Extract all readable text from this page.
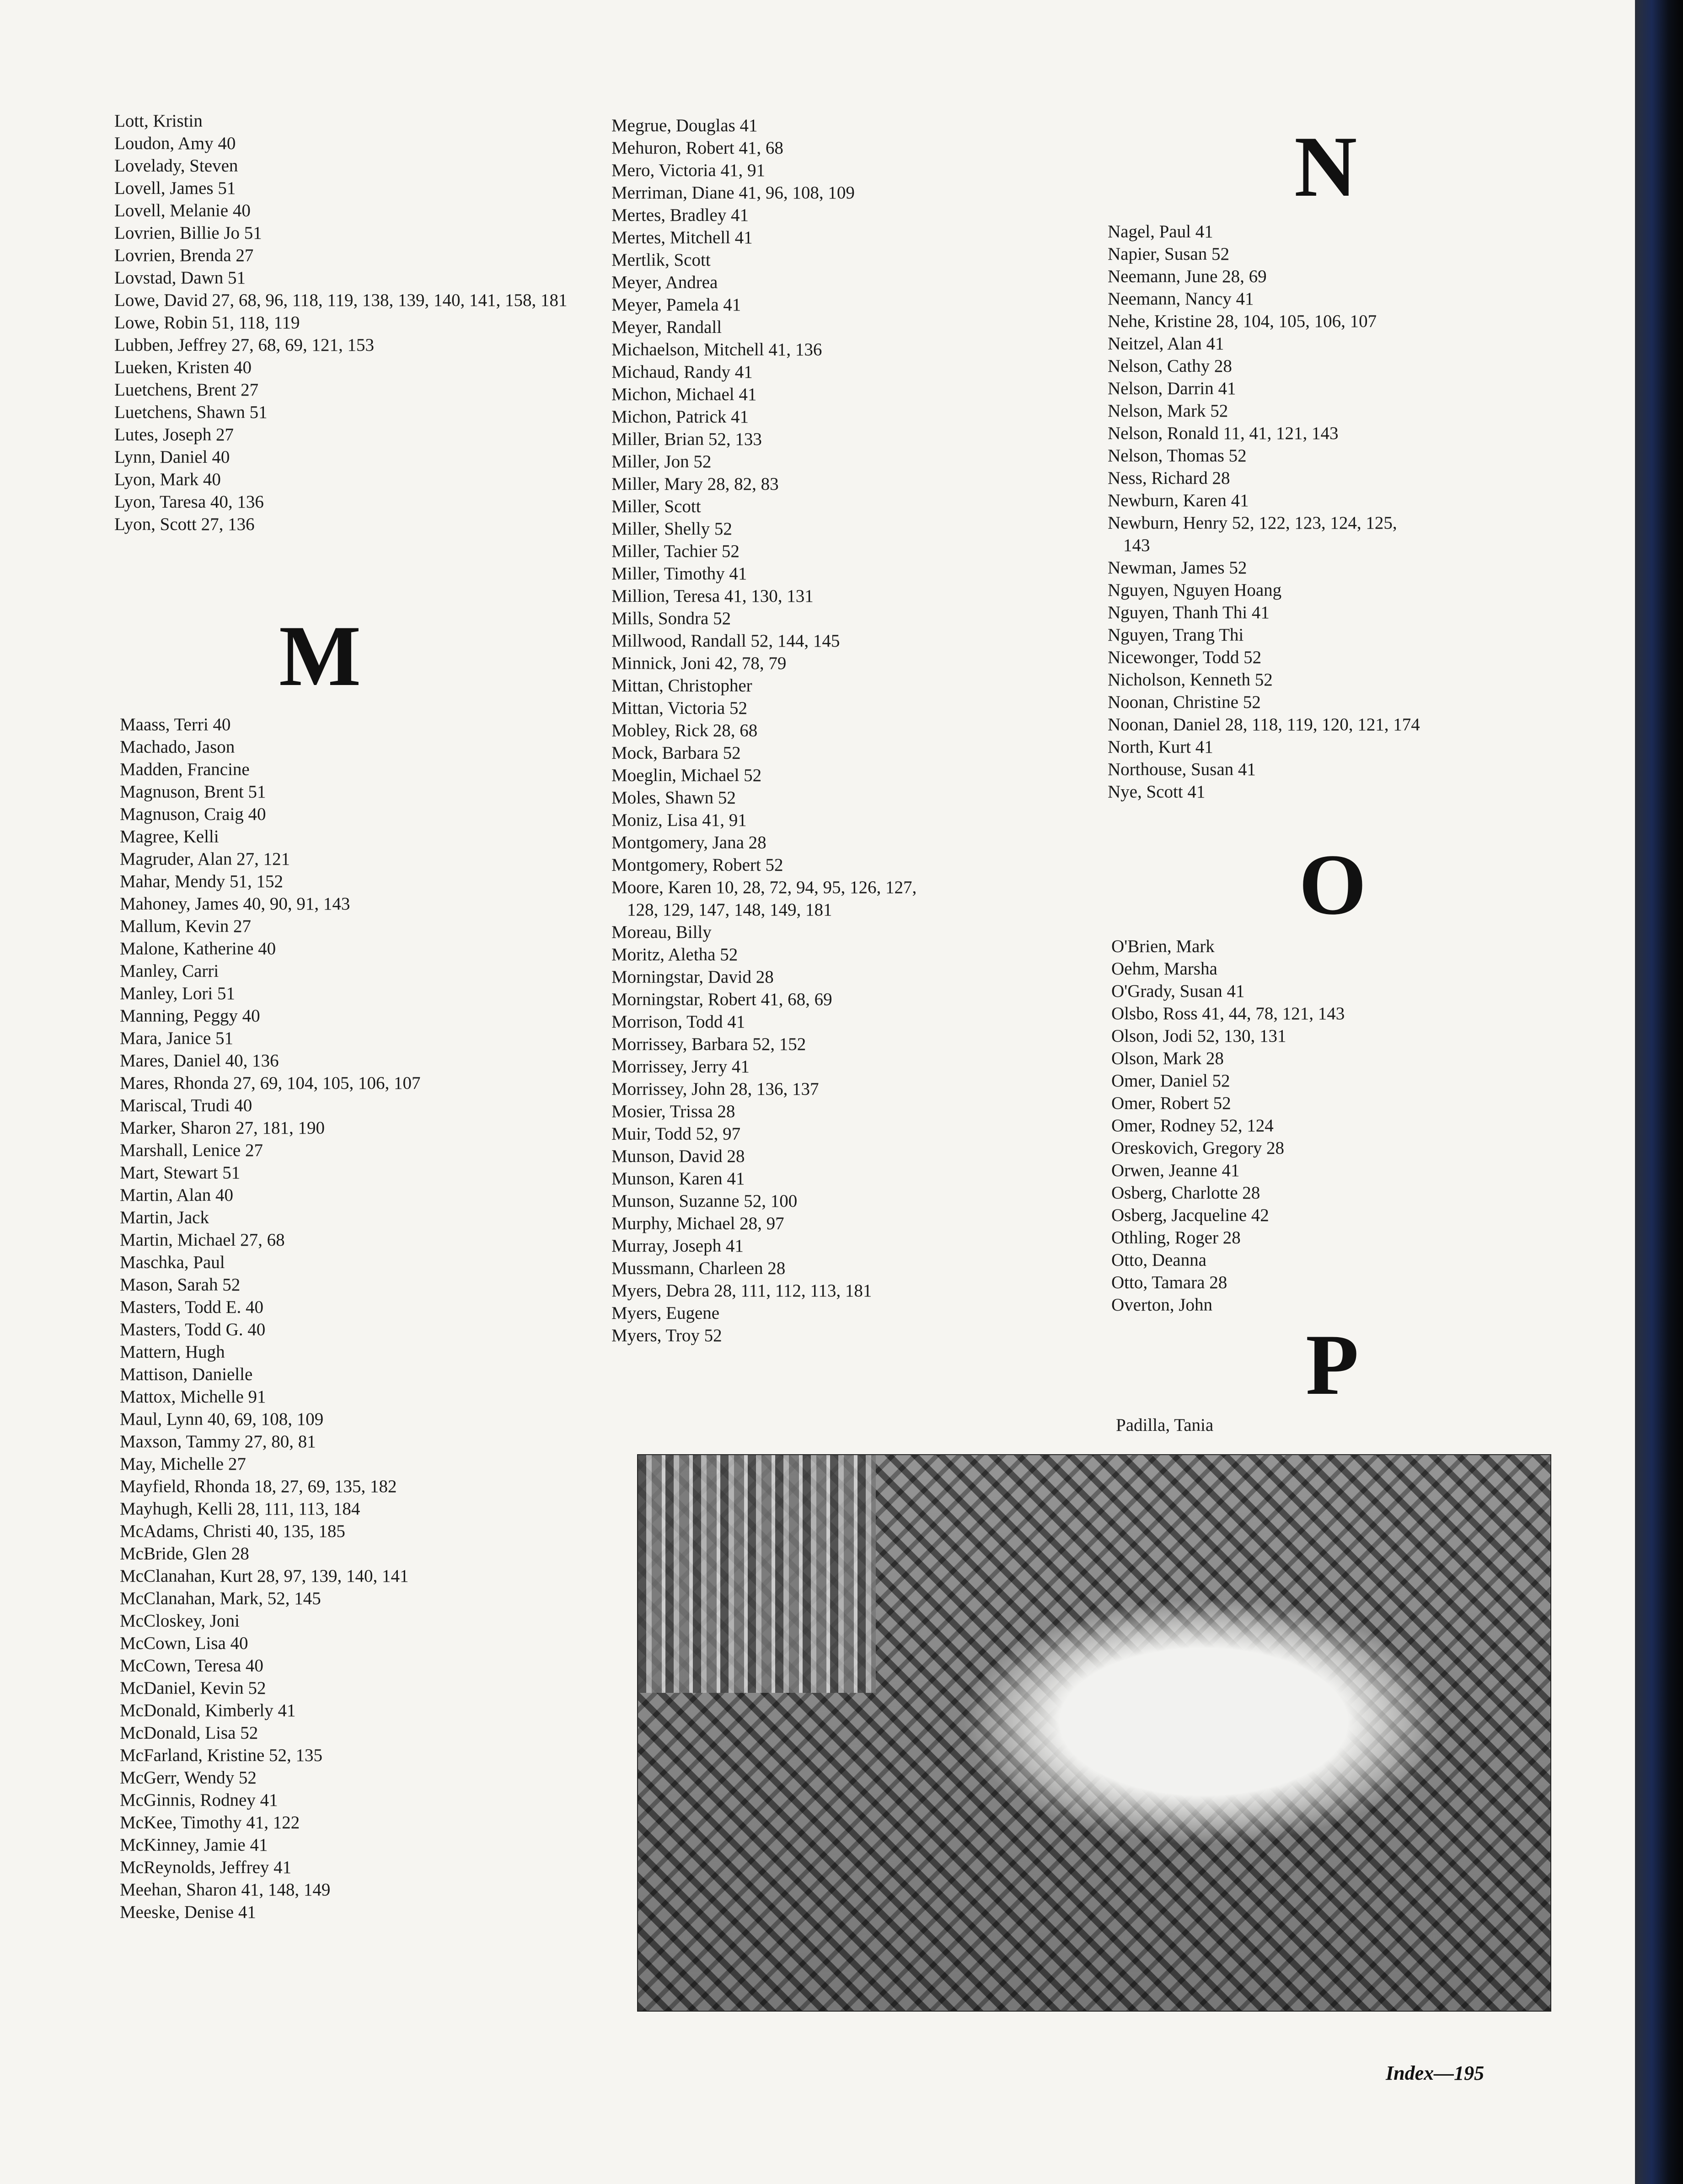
Lott, Kristin
Loudon, Amy 40
Lovelady, Steven
Lovell, James 51
Lovell, Melanie 40
Lovrien, Billie Jo 51
Lovrien, Brenda 27
Lovstad, Dawn 51
Lowe, David 27, 68, 96, 118, 119, 138, 139, 140, 141, 158, 181
Lowe, Robin 51, 118, 119
Lubben, Jeffrey 27, 68, 69, 121, 153
Lueken, Kristen 40
Luetchens, Brent 27
Luetchens, Shawn 51
Lutes, Joseph 27
Lynn, Daniel 40
Lyon, Mark 40
Lyon, Taresa 40, 136
Lyon, Scott 27, 136
M
Maass, Terri 40
Machado, Jason
Madden, Francine
Magnuson, Brent 51
Magnuson, Craig 40
Magree, Kelli
Magruder, Alan 27, 121
Mahar, Mendy 51, 152
Mahoney, James 40, 90, 91, 143
Mallum, Kevin 27
Malone, Katherine 40
Manley, Carri
Manley, Lori 51
Manning, Peggy 40
Mara, Janice 51
Mares, Daniel 40, 136
Mares, Rhonda 27, 69, 104, 105, 106, 107
Mariscal, Trudi 40
Marker, Sharon 27, 181, 190
Marshall, Lenice 27
Mart, Stewart 51
Martin, Alan 40
Martin, Jack
Martin, Michael 27, 68
Maschka, Paul
Mason, Sarah 52
Masters, Todd E. 40
Masters, Todd G. 40
Mattern, Hugh
Mattison, Danielle
Mattox, Michelle 91
Maul, Lynn 40, 69, 108, 109
Maxson, Tammy 27, 80, 81
May, Michelle 27
Mayfield, Rhonda 18, 27, 69, 135, 182
Mayhugh, Kelli 28, 111, 113, 184
McAdams, Christi 40, 135, 185
McBride, Glen 28
McClanahan, Kurt 28, 97, 139, 140, 141
McClanahan, Mark, 52, 145
McCloskey, Joni
McCown, Lisa 40
McCown, Teresa 40
McDaniel, Kevin 52
McDonald, Kimberly 41
McDonald, Lisa 52
McFarland, Kristine 52, 135
McGerr, Wendy 52
McGinnis, Rodney 41
McKee, Timothy 41, 122
McKinney, Jamie 41
McReynolds, Jeffrey 41
Meehan, Sharon 41, 148, 149
Meeske, Denise 41
Megrue, Douglas 41
Mehuron, Robert 41, 68
Mero, Victoria 41, 91
Merriman, Diane 41, 96, 108, 109
Mertes, Bradley 41
Mertes, Mitchell 41
Mertlik, Scott
Meyer, Andrea
Meyer, Pamela 41
Meyer, Randall
Michaelson, Mitchell 41, 136
Michaud, Randy 41
Michon, Michael 41
Michon, Patrick 41
Miller, Brian 52, 133
Miller, Jon 52
Miller, Mary 28, 82, 83
Miller, Scott
Miller, Shelly 52
Miller, Tachier 52
Miller, Timothy 41
Million, Teresa 41, 130, 131
Mills, Sondra 52
Millwood, Randall 52, 144, 145
Minnick, Joni 42, 78, 79
Mittan, Christopher
Mittan, Victoria 52
Mobley, Rick 28, 68
Mock, Barbara 52
Moeglin, Michael 52
Moles, Shawn 52
Moniz, Lisa 41, 91
Montgomery, Jana 28
Montgomery, Robert 52
Moore, Karen 10, 28, 72, 94, 95, 126, 127, 128, 129, 147, 148, 149, 181
Moreau, Billy
Moritz, Aletha 52
Morningstar, David 28
Morningstar, Robert 41, 68, 69
Morrison, Todd 41
Morrissey, Barbara 52, 152
Morrissey, Jerry 41
Morrissey, John 28, 136, 137
Mosier, Trissa 28
Muir, Todd 52, 97
Munson, David 28
Munson, Karen 41
Munson, Suzanne 52, 100
Murphy, Michael 28, 97
Murray, Joseph 41
Mussmann, Charleen 28
Myers, Debra 28, 111, 112, 113, 181
Myers, Eugene
Myers, Troy 52
N
Nagel, Paul 41
Napier, Susan 52
Neemann, June 28, 69
Neemann, Nancy 41
Nehe, Kristine 28, 104, 105, 106, 107
Neitzel, Alan 41
Nelson, Cathy 28
Nelson, Darrin 41
Nelson, Mark 52
Nelson, Ronald 11, 41, 121, 143
Nelson, Thomas 52
Ness, Richard 28
Newburn, Karen 41
Newburn, Henry 52, 122, 123, 124, 125, 143
Newman, James 52
Nguyen, Nguyen Hoang
Nguyen, Thanh Thi 41
Nguyen, Trang Thi
Nicewonger, Todd 52
Nicholson, Kenneth 52
Noonan, Christine 52
Noonan, Daniel 28, 118, 119, 120, 121, 174
North, Kurt 41
Northouse, Susan 41
Nye, Scott 41
O
O'Brien, Mark
Oehm, Marsha
O'Grady, Susan 41
Olsbo, Ross 41, 44, 78, 121, 143
Olson, Jodi 52, 130, 131
Olson, Mark 28
Omer, Daniel 52
Omer, Robert 52
Omer, Rodney 52, 124
Oreskovich, Gregory 28
Orwen, Jeanne 41
Osberg, Charlotte 28
Osberg, Jacqueline 42
Othling, Roger 28
Otto, Deanna
Otto, Tamara 28
Overton, John
P
Padilla, Tania

Index—195
